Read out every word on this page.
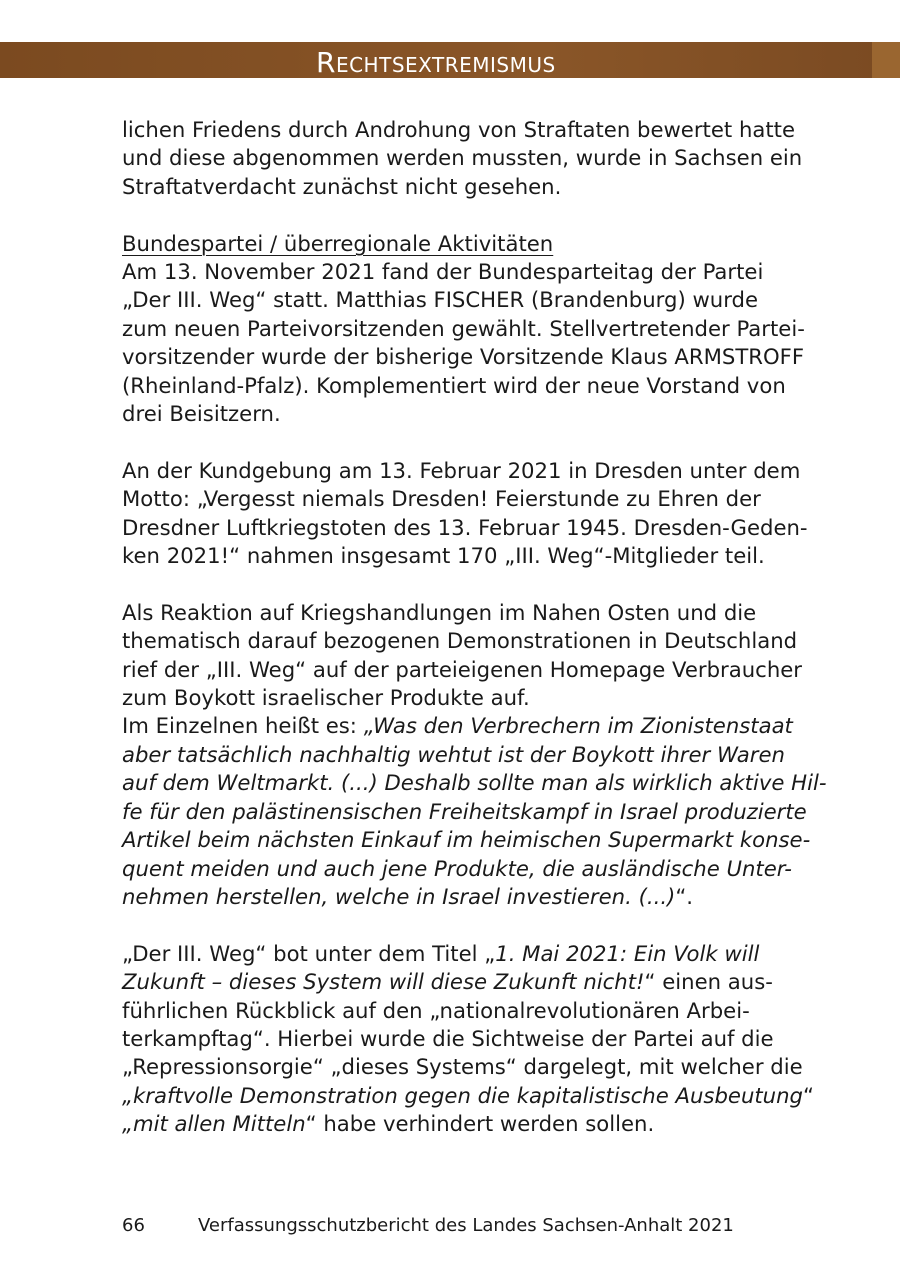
Rechtsextremismus

lichen Friedens durch Androhung von Straftaten bewertet hatte

und diese abgenommen werden mussten, wurde in Sachsen ein

Straftatverdacht zunächst nicht gesehen.

Bundespartei / überregionale Aktivitäten

Am 13. November 2021 fand der Bundesparteitag der Partei

„Der III. Weg“ statt. Matthias FISCHER (Brandenburg) wurde

zum neuen Parteivorsitzenden gewählt. Stellvertretender Partei-

vorsitzender wurde der bisherige Vorsitzende Klaus ARMSTROFF

(Rheinland-Pfalz). Komplementiert wird der neue Vorstand von

drei Beisitzern.

An der Kundgebung am 13. Februar 2021 in Dresden unter dem

Motto: „Vergesst niemals Dresden! Feierstunde zu Ehren der

Dresdner Luftkriegstoten des 13. Februar 1945. Dresden-Geden-

ken 2021!“ nahmen insgesamt 170 „III. Weg“-Mitglieder teil.

Als Reaktion auf Kriegshandlungen im Nahen Osten und die

thematisch darauf bezogenen Demonstrationen in Deutschland

rief der „III. Weg“ auf der parteieigenen Homepage Verbraucher

zum Boykott israelischer Produkte auf.

Im Einzelnen heißt es: „Was den Verbrechern im Zionistenstaat

aber tatsächlich nachhaltig wehtut ist der Boykott ihrer Waren

auf dem Weltmarkt. (...) Deshalb sollte man als wirklich aktive Hil-

fe für den palästinensischen Freiheitskampf in Israel produzierte

Artikel beim nächsten Einkauf im heimischen Supermarkt konse-

quent meiden und auch jene Produkte, die ausländische Unter-

nehmen herstellen, welche in Israel investieren. (...)“.

„Der III. Weg“ bot unter dem Titel „1. Mai 2021: Ein Volk will

Zukunft – dieses System will diese Zukunft nicht!“ einen aus-

führlichen Rückblick auf den „nationalrevolutionären Arbei-

terkampftag“. Hierbei wurde die Sichtweise der Partei auf die

„Repressionsorgie“ „dieses Systems“ dargelegt, mit welcher die

„kraftvolle Demonstration gegen die kapitalistische Ausbeutung“

„mit allen Mitteln“ habe verhindert werden sollen.

66	Verfassungsschutzbericht des Landes Sachsen-Anhalt 2021
